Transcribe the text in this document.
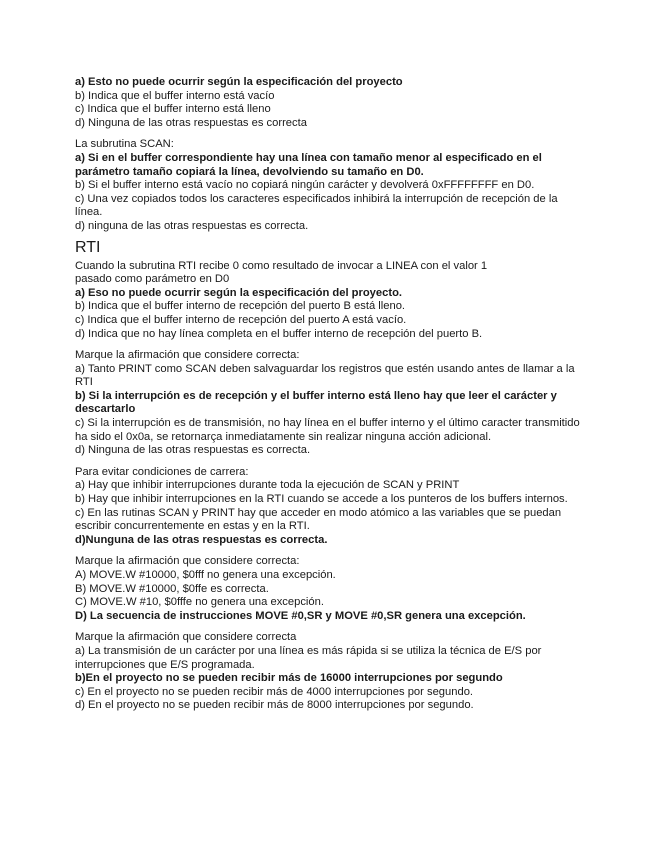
a) Esto no puede ocurrir según la especificación del proyecto
b) Indica que el buffer interno está vacío
c) Indica que el buffer interno está lleno
d) Ninguna de las otras respuestas es correcta
La subrutina SCAN:
a) Si en el buffer correspondiente hay una línea con tamaño menor al especificado en el parámetro tamaño copiará la línea, devolviendo su tamaño en D0.
b) Si el buffer interno está vacío no copiará ningún carácter y devolverá 0xFFFFFFFF en D0.
c) Una vez copiados todos los caracteres especificados inhibirá la interrupción de recepción de la línea.
d) ninguna de las otras respuestas es correcta.
RTI
Cuando la subrutina RTI recibe 0 como resultado de invocar a LINEA con el valor 1
pasado como parámetro en D0
a) Eso no puede ocurrir según la especificación del proyecto.
b) Indica que el buffer interno de recepción del puerto B está lleno.
c) Indica que el buffer interno de recepción del puerto A está vacío.
d) Indica que no hay línea completa en el buffer interno de recepción del puerto B.
Marque la afirmación que considere correcta:
a) Tanto PRINT como SCAN deben salvaguardar los registros que estén usando antes de llamar a la RTI
b) Si la interrupción es de recepción y el buffer interno está lleno hay que leer el carácter y descartarlo
c) Si la interrupción es de transmisión, no hay línea en el buffer interno y el último caracter transmitido ha sido el 0x0a, se retornarça inmediatamente sin realizar ninguna acción adicional.
d) Ninguna de las otras respuestas es correcta.
Para evitar condiciones de carrera:
a) Hay que inhibir interrupciones durante toda la ejecución de SCAN y PRINT
b) Hay que inhibir interrupciones en la RTI cuando se accede a los punteros de los buffers internos.
c) En las rutinas SCAN y PRINT hay que acceder en modo atómico a las variables que se puedan escribir concurrentemente en estas y en la RTI.
d)Nunguna de las otras respuestas es correcta.
Marque la afirmación que considere correcta:
A) MOVE.W #10000, $0fff no genera una excepción.
B) MOVE.W #10000, $0ffe es correcta.
C) MOVE.W #10, $0fffe no genera una excepción.
D) La secuencia de instrucciones MOVE #0,SR y MOVE #0,SR genera una excepción.
Marque la afirmación que considere correcta
a) La transmisión de un carácter por una línea es más rápida si se utiliza la técnica de E/S por interrupciones que E/S programada.
b)En el proyecto no se pueden recibir más de 16000 interrupciones por segundo
c) En el proyecto no se pueden recibir más de 4000 interrupciones por segundo.
d) En el proyecto no se pueden recibir más de 8000 interrupciones por segundo.
